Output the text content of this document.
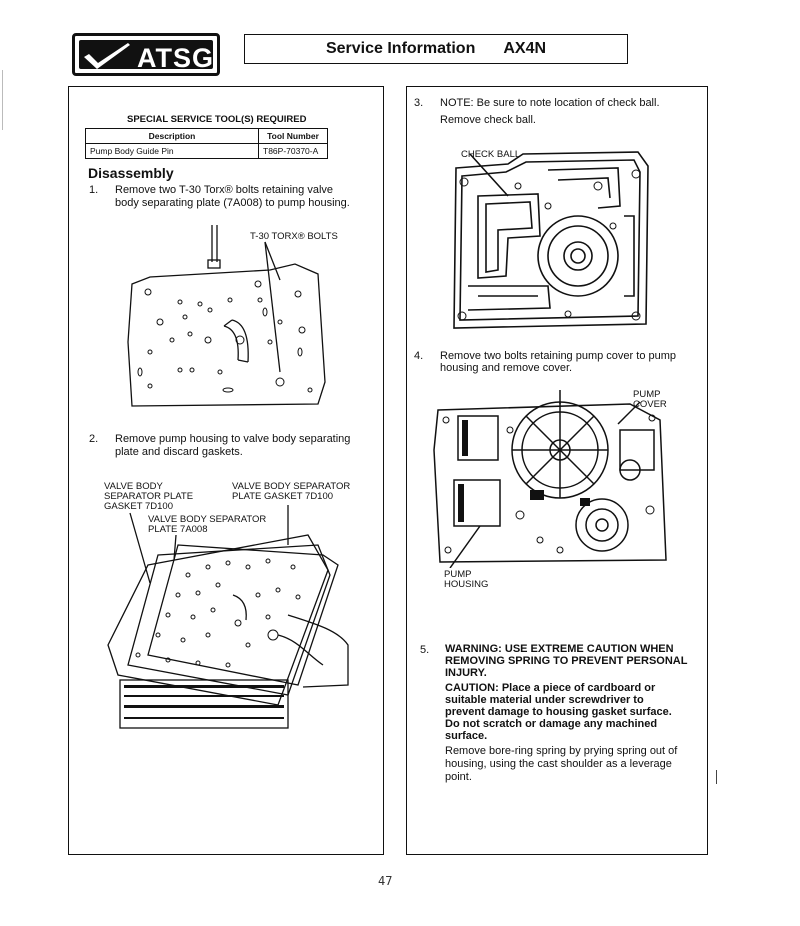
ATSG	Service Information AX4N
SPECIAL SERVICE TOOL(S) REQUIRED
Description	Tool Number
Pump Body Guide Pin	T86P-70370-A
Disassembly
1. Remove two T-30 Torx® bolts retaining valve
body separating plate (7A008) to pump housing.
T-30 TORX® BOLTS
2. Remove pump housing to valve body separating
plate and discard gaskets.
VALVE BODY
SEPARATOR PLATE
GASKET 7D100
VALVE BODY SEPARATOR
PLATE GASKET 7D100
VALVE BODY SEPARATOR
PLATE 7A008
3. NOTE: Be sure to note location of check ball.
Remove check ball.
CHECK BALL
4. Remove two bolts retaining pump cover to pump
housing and remove cover.
PUMP
COVER
PUMP
HOUSING
5. WARNING: USE EXTREME CAUTION WHEN
REMOVING SPRING TO PREVENT PERSONAL
INJURY.
CAUTION: Place a piece of cardboard or
suitable material under screwdriver to
prevent damage to housing gasket surface.
Do not scratch or damage any machined
surface.
Remove bore-ring spring by prying spring out of
housing, using the cast shoulder as a leverage
point.
47
